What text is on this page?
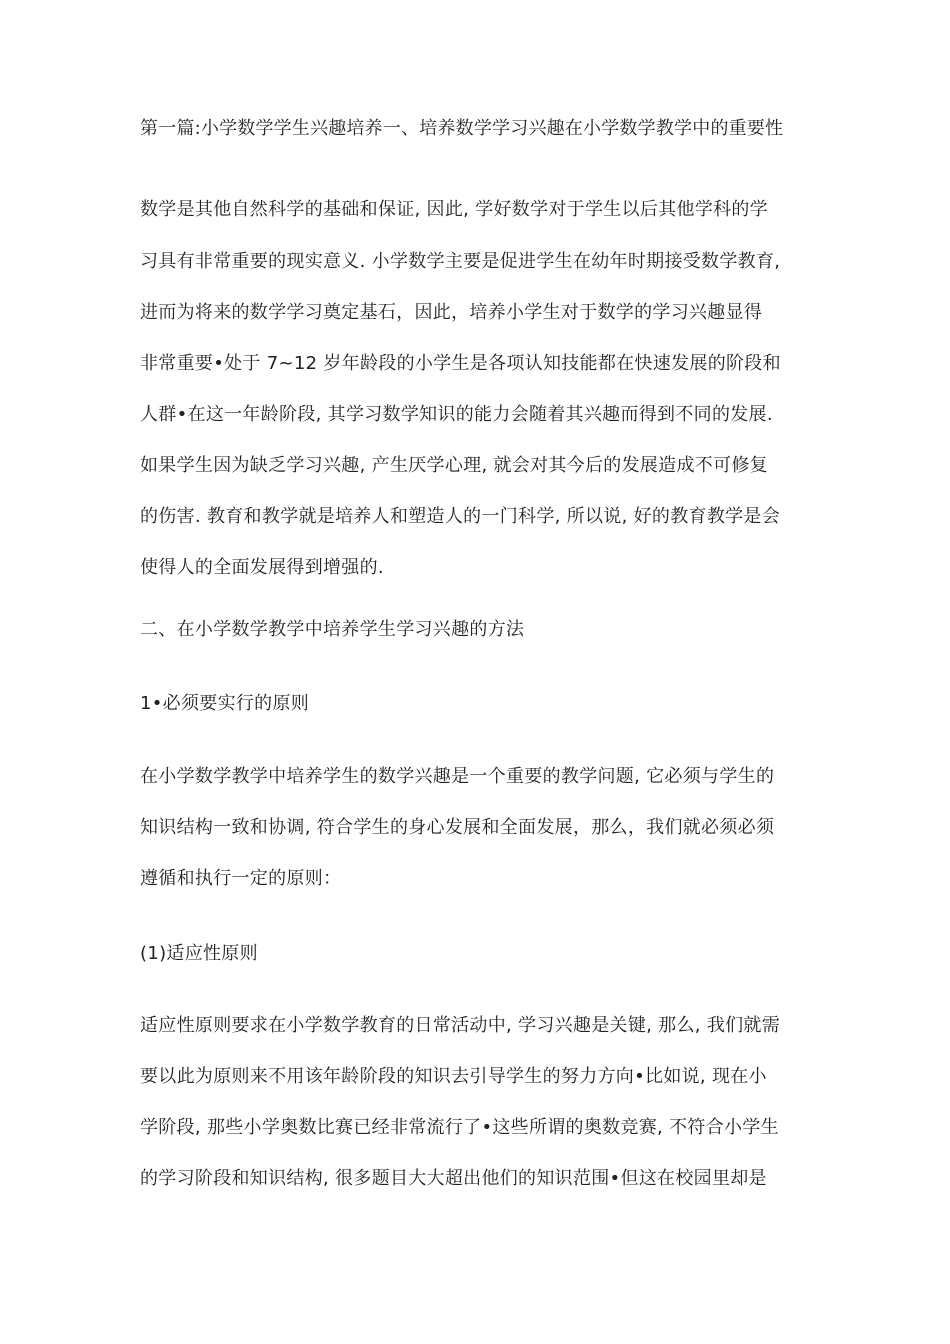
第一篇:小学数学学生兴趣培养一、培养数学学习兴趣在小学数学教学中的重要性
数学是其他自然科学的基础和保证, 因此, 学好数学对于学生以后其他学科的学
习具有非常重要的现实意义. 小学数学主要是促进学生在幼年时期接受数学教育,
进而为将来的数学学习奠定基石，因此，培养小学生对于数学的学习兴趣显得
非常重要•处于 7~12 岁年龄段的小学生是各项认知技能都在快速发展的阶段和
人群•在这一年龄阶段, 其学习数学知识的能力会随着其兴趣而得到不同的发展.
如果学生因为缺乏学习兴趣, 产生厌学心理, 就会对其今后的发展造成不可修复
的伤害. 教育和教学就是培养人和塑造人的一门科学, 所以说, 好的教育教学是会
使得人的全面发展得到增强的.
二、在小学数学教学中培养学生学习兴趣的方法
1•必须要实行的原则
在小学数学教学中培养学生的数学兴趣是一个重要的教学问题, 它必须与学生的
知识结构一致和协调, 符合学生的身心发展和全面发展，那么，我们就必须必须
遵循和执行一定的原则：
(1)适应性原则
适应性原则要求在小学数学教育的日常活动中, 学习兴趣是关键, 那么, 我们就需
要以此为原则来不用该年龄阶段的知识去引导学生的努力方向•比如说, 现在小
学阶段, 那些小学奥数比赛已经非常流行了•这些所谓的奥数竞赛, 不符合小学生
的学习阶段和知识结构, 很多题目大大超出他们的知识范围•但这在校园里却是
